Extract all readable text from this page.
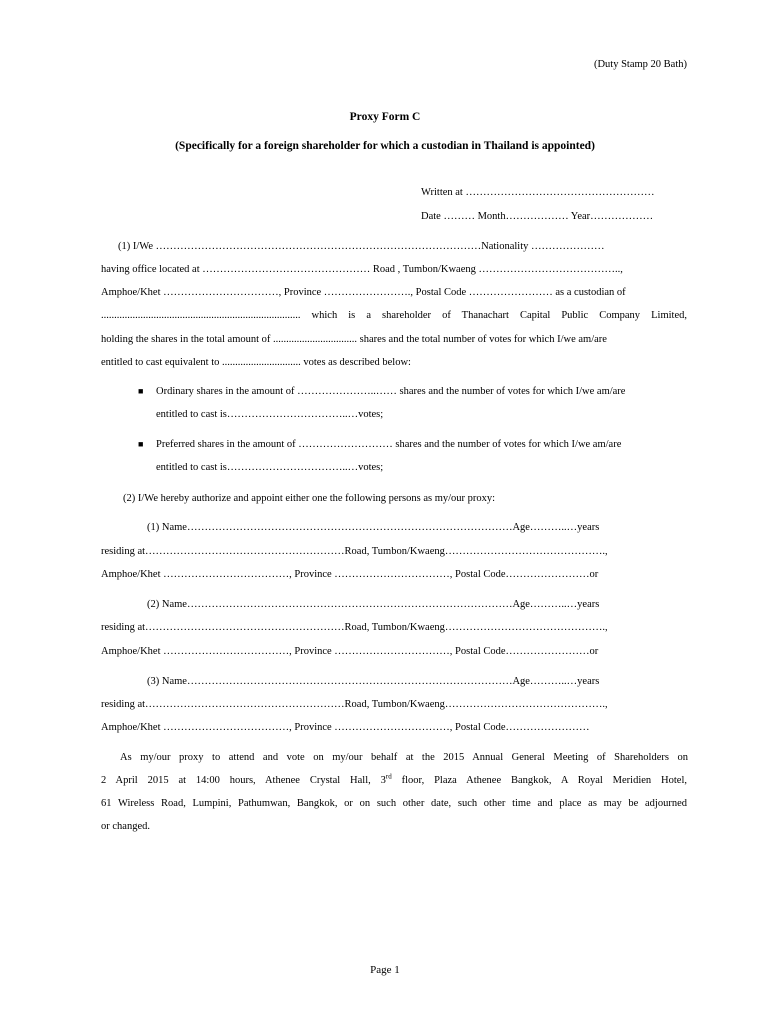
(Duty Stamp 20 Bath)
Proxy Form C
(Specifically for a foreign shareholder for which a custodian in Thailand is appointed)
Written at ………………………………………………
Date ……… Month……………… Year………………
(1) I/We …………………………………………………………………………………Nationality …………………
having office located at ………………………………………… Road , Tumbon/Kwaeng …………………………………..,
Amphoe/Khet ……………………………, Province ……………………., Postal Code …………………… as a custodian of
............................................................................ which is a shareholder of Thanachart Capital Public Company Limited,
holding the shares in the total amount of ................................ shares and the total number of votes for which I/we am/are
entitled to cast equivalent to .............................. votes as described below:
■ Ordinary shares in the amount of …………………..…… shares and the number of votes for which I/we am/are
entitled to cast is……………………………..…votes;
■ Preferred shares in the amount of ……………………… shares and the number of votes for which I/we am/are
entitled to cast is……………………………..…votes;
(2) I/We hereby authorize and appoint either one the following persons as my/our proxy:
(1) Name…………………………………………………………………………………Age………..…years
residing at…………………………………………………Road, Tumbon/Kwaeng……………………………………….,
Amphoe/Khet ………………………………, Province ……………………………, Postal Code……………………or
(2) Name…………………………………………………………………………………Age………..…years
residing at…………………………………………………Road, Tumbon/Kwaeng……………………………………….,
Amphoe/Khet ………………………………, Province ……………………………, Postal Code……………………or
(3) Name…………………………………………………………………………………Age………..…years
residing at…………………………………………………Road, Tumbon/Kwaeng……………………………………….,
Amphoe/Khet ………………………………, Province ……………………………, Postal Code……………………
As my/our proxy to attend and vote on my/our behalf at the 2015 Annual General Meeting of Shareholders on
2 April 2015 at 14:00 hours, Athenee Crystal Hall, 3rd floor, Plaza Athenee Bangkok, A Royal Meridien Hotel,
61 Wireless Road, Lumpini, Pathumwan, Bangkok, or on such other date, such other time and place as may be adjourned
or changed.
Page 1
